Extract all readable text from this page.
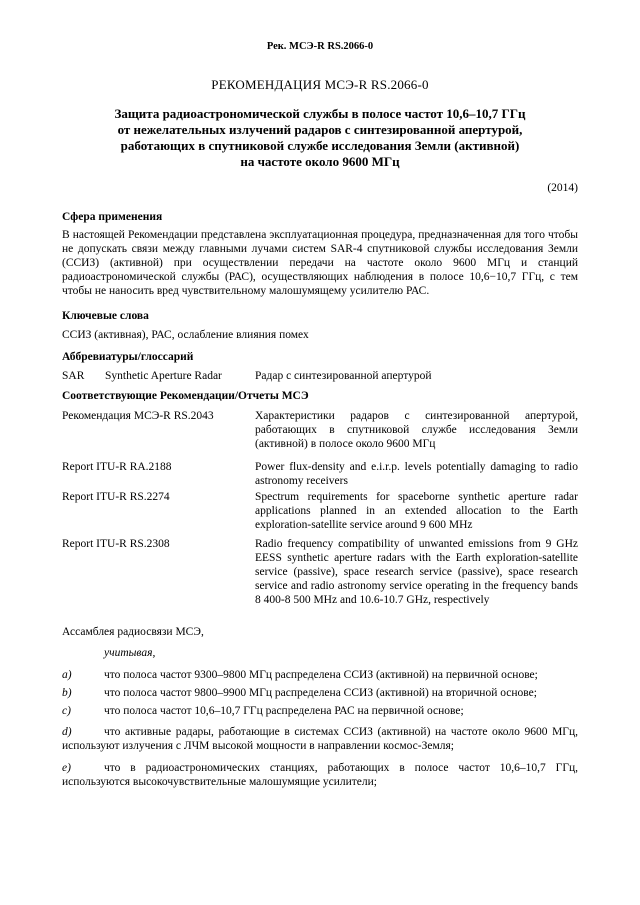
Рек. МСЭ-R RS.2066-0
РЕКОМЕНДАЦИЯ МСЭ-R RS.2066-0
Защита радиоастрономической службы в полосе частот 10,6–10,7 ГГц
от нежелательных излучений радаров с синтезированной апертурой,
работающих в спутниковой службе исследования Земли (активной)
на частоте около 9600 МГц
(2014)
Сфера применения
В настоящей Рекомендации представлена эксплуатационная процедура, предназначенная для того чтобы не допускать связи между главными лучами систем SAR-4 спутниковой службы исследования Земли (ССИЗ) (активной) при осуществлении передачи на частоте около 9600 МГц и станций радиоастрономической службы (РАС), осуществляющих наблюдения в полосе 10,6−10,7 ГГц, с тем чтобы не наносить вред чувствительному малошумящему усилителю РАС.
Ключевые слова
ССИЗ (активная), РАС, ослабление влияния помех
Аббревиатуры/глоссарий
SAR Synthetic Aperture Radar	Радар с синтезированной апертурой
Соответствующие Рекомендации/Отчеты МСЭ
Рекомендация МСЭ-R RS.2043	Характеристики радаров с синтезированной апертурой, работающих в спутниковой службе исследования Земли (активной) в полосе около 9600 МГц
Report ITU-R RA.2188	Power flux-density and e.i.r.p. levels potentially damaging to radio astronomy receivers
Report ITU-R RS.2274	Spectrum requirements for spaceborne synthetic aperture radar applications planned in an extended allocation to the Earth exploration-satellite service around 9 600 MHz
Report ITU-R RS.2308	Radio frequency compatibility of unwanted emissions from 9 GHz EESS synthetic aperture radars with the Earth exploration-satellite service (passive), space research service (passive), space research service and radio astronomy service operating in the frequency bands 8 400-8 500 MHz and 10.6-10.7 GHz, respectively
Ассамблея радиосвязи МСЭ,
учитывая,
a)	что полоса частот 9300–9800 МГц распределена ССИЗ (активной) на первичной основе;
b)	что полоса частот 9800–9900 МГц распределена ССИЗ (активной) на вторичной основе;
c)	что полоса частот 10,6–10,7 ГГц распределена РАС на первичной основе;
d)	что активные радары, работающие в системах ССИЗ (активной) на частоте около 9600 МГц, используют излучения с ЛЧМ высокой мощности в направлении космос-Земля;
e)	что в радиоастрономических станциях, работающих в полосе частот 10,6–10,7 ГГц, используются высокочувствительные малошумящие усилители;
